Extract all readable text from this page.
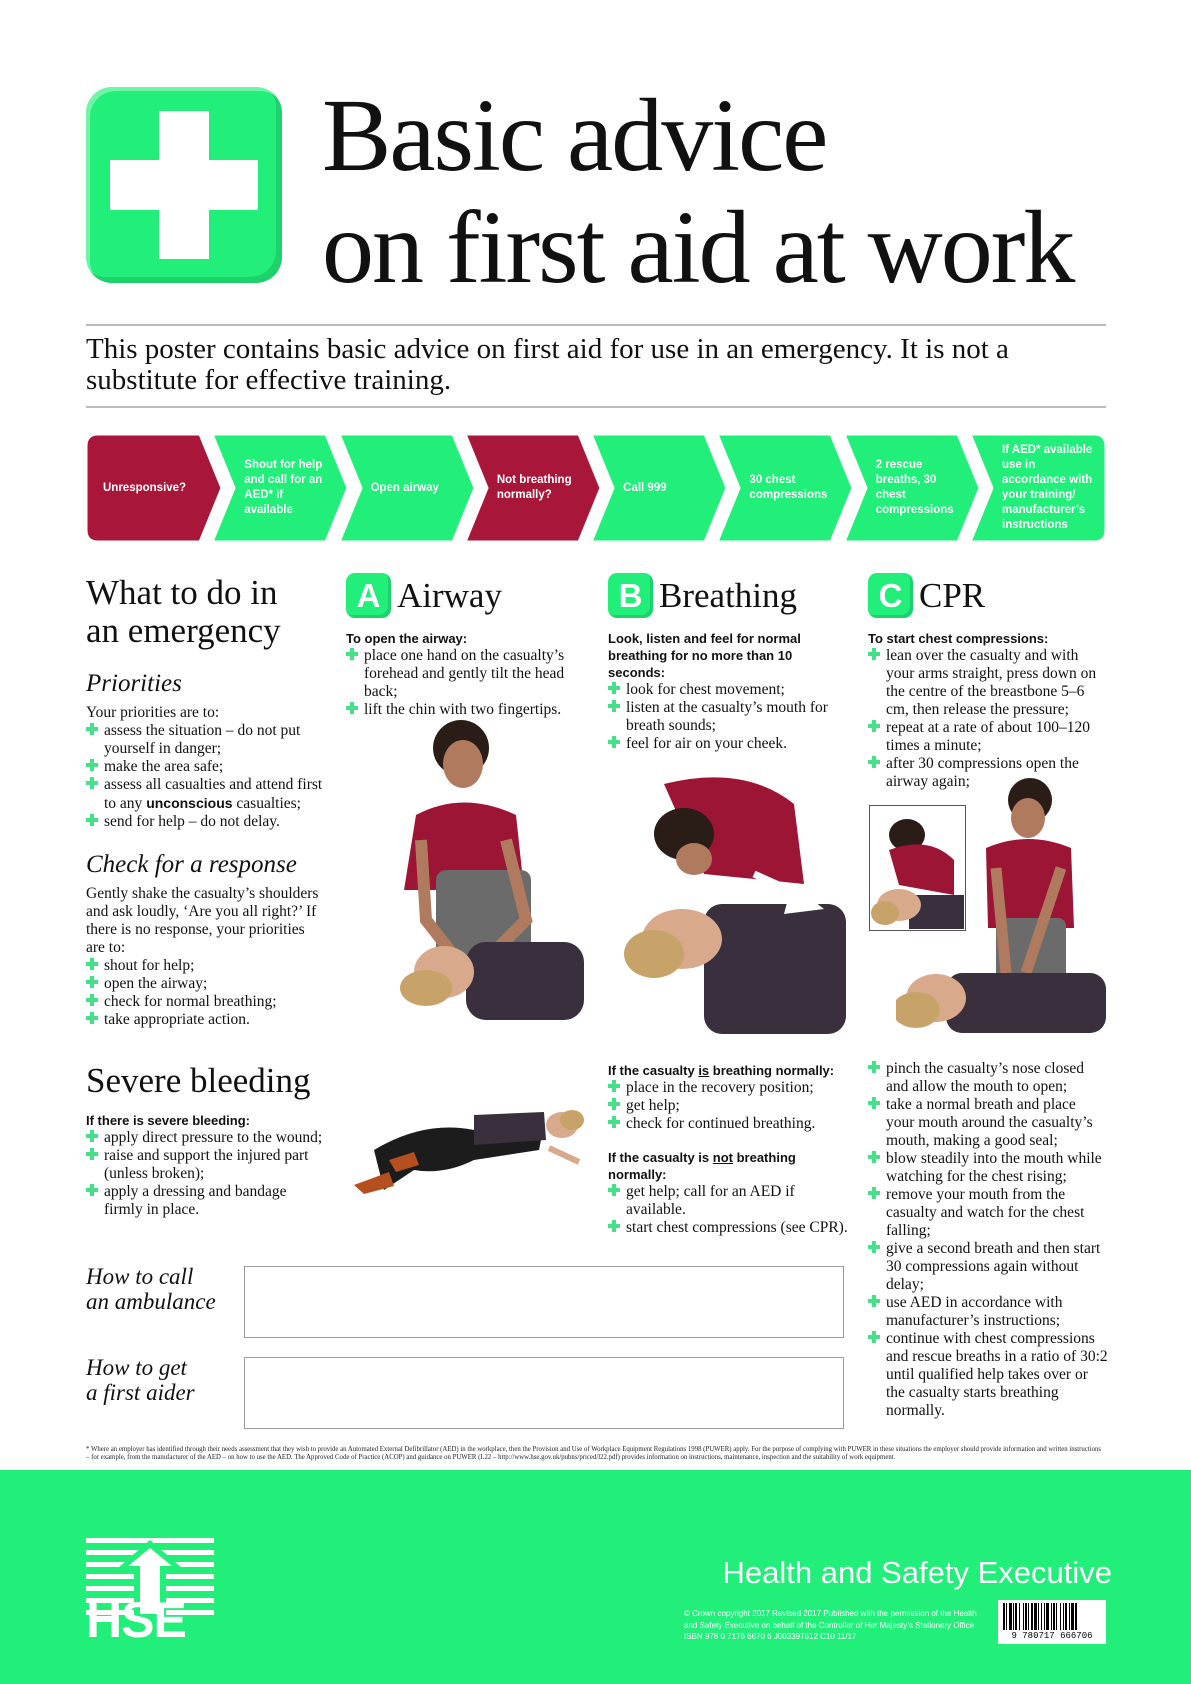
Basic advice
on first aid at work
This poster contains basic advice on first aid for use in an emergency. It is not a substitute for effective training.
Unresponsive?
Shout for help and call for an AED* if available
Open airway
Not breathing normally?
Call 999
30 chest compressions
2 rescue breaths, 30 chest compressions
If AED* available use in accordance with your training/ manufacturer’s instructions
What to do in
an emergency
Priorities
Your priorities are to:
assess the situation – do not put yourself in danger;
make the area safe;
assess all casualties and attend first to any unconscious casualties;
send for help – do not delay.
Check for a response
Gently shake the casualty’s shoulders and ask loudly, ‘Are you all right?’ If there is no response, your priorities are to:
shout for help;
open the airway;
check for normal breathing;
take appropriate action.
Severe bleeding
If there is severe bleeding:
apply direct pressure to the wound;
raise and support the injured part (unless broken);
apply a dressing and bandage firmly in place.
A Airway
To open the airway:
place one hand on the casualty’s forehead and gently tilt the head back;
lift the chin with two fingertips.
B Breathing
Look, listen and feel for normal breathing for no more than 10 seconds:
look for chest movement;
listen at the casualty’s mouth for breath sounds;
feel for air on your cheek.
If the casualty is breathing normally:
place in the recovery position;
get help;
check for continued breathing.
If the casualty is not breathing normally:
get help; call for an AED if available.
start chest compressions (see CPR).
C CPR
To start chest compressions:
lean over the casualty and with your arms straight, press down on the centre of the breastbone 5–6 cm, then release the pressure;
repeat at a rate of about 100–120 times a minute;
after 30 compressions open the airway again;
pinch the casualty’s nose closed and allow the mouth to open;
take a normal breath and place your mouth around the casualty’s mouth, making a good seal;
blow steadily into the mouth while watching for the chest rising;
remove your mouth from the casualty and watch for the chest falling;
give a second breath and then start 30 compressions again without delay;
use AED in accordance with manufacturer’s instructions;
continue with chest compressions and rescue breaths in a ratio of 30:2 until qualified help takes over or the casualty starts breathing normally.
How to call
an ambulance
How to get
a first aider
* Where an employer has identified through their needs assessment that they wish to provide an Automated External Defibrillator (AED) in the workplace, then the Provision and Use of Workplace Equipment Regulations 1998 (PUWER) apply. For the purpose of complying with PUWER in these situations the employer should provide information and written instructions – for example, from the manufacturer of the AED – on how to use the AED. The Approved Code of Practice (ACOP) and guidance on PUWER (L22 – http://www.hse.gov.uk/pubns/priced/l22.pdf) provides information on instructions, maintenance, inspection and the suitability of work equipment.
HSE
Health and Safety Executive
© Crown copyright 2017 Revised 2017 Published with the permission of the Health and Safety Executive on behalf of the Controller of Her Majesty’s Stationery Office ISBN 978 0 7176 6670 6 J003397612 C10 11/17	9 780717 666706
